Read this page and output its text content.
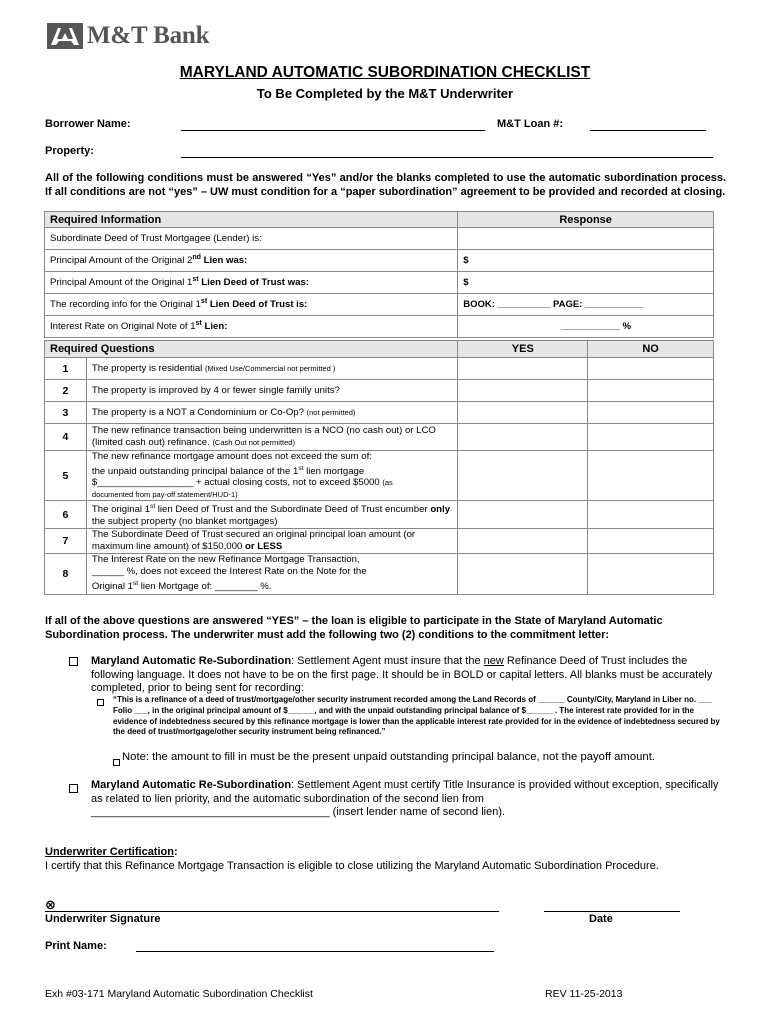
M&T Bank
MARYLAND AUTOMATIC SUBORDINATION CHECKLIST
To Be Completed by the M&T Underwriter
Borrower Name:	M&T Loan #:
Property:
All of the following conditions must be answered “Yes” and/or the blanks completed to use the automatic subordination process. If all conditions are not “yes” – UW must condition for a “paper subordination” agreement to be provided and recorded at closing.
Required Information	Response
Subordinate Deed of Trust Mortgagee (Lender) is:	
Principal Amount of the Original 2nd Lien was:	$
Principal Amount of the Original 1st Lien Deed of Trust was:	$
The recording info for the Original 1st Lien Deed of Trust is:	BOOK: __________ PAGE: ___________
Interest Rate on Original Note of 1st Lien:	___________ %
Required Questions		YES	NO
1	The property is residential (Mixed Use/Commercial not permitted )		
2	The property is improved by 4 or fewer single family units?		
3	The property is a NOT a Condominium or Co-Op? (not permitted)		
4	The new refinance transaction being underwritten is a NCO (no cash out) or LCO (limited cash out) refinance. (Cash Out not permitted)		
5	The new refinance mortgage amount does not exceed the sum of:
the unpaid outstanding principal balance of the 1st lien mortgage
$__________________ + actual closing costs, not to exceed $5000 (as
documented from pay-off statement/HUD-1)		

6	The original 1st lien Deed of Trust and the Subordinate Deed of Trust encumber only the subject property (no blanket mortgages)		
7	The Subordinate Deed of Trust secured an original principal loan amount (or maximum line amount) of $150,000 or LESS		
8	The Interest Rate on the new Refinance Mortgage Transaction,
______ %, does not exceed the Interest Rate on the Note for the
Original 1st lien Mortgage of: ________ %.		

If all of the above questions are answered “YES” – the loan is eligible to participate in the State of Maryland Automatic Subordination process. The underwriter must add the following two (2) conditions to the commitment letter:
Maryland Automatic Re-Subordination: Settlement Agent must insure that the new Refinance Deed of Trust includes the following language. It does not have to be on the first page. It should be in BOLD or capital letters. All blanks must be accurately completed, prior to being sent for recording:
“This is a refinance of a deed of trust/mortgage/other security instrument recorded among the Land Records of ______ County/City, Maryland in Liber no. ___ Folio ___, in the original principal amount of $______, and with the unpaid outstanding principal balance of $______ . The interest rate provided for in the evidence of indebtedness secured by this refinance mortgage is lower than the applicable interest rate provided for in the evidence of indebtedness secured by the deed of trust/mortgage/other security instrument being refinanced.”
Note: the amount to fill in must be the present unpaid outstanding principal balance, not the payoff amount.
Maryland Automatic Re-Subordination: Settlement Agent must certify Title Insurance is provided without exception, specifically as related to lien priority, and the automatic subordination of the second lien from
_______________________________________ (insert lender name of second lien).
Underwriter Certification:
I certify that this Refinance Mortgage Transaction is eligible to close utilizing the Maryland Automatic Subordination Procedure.
⊗
Underwriter Signature	Date
Print Name:
Exh #03-171 Maryland Automatic Subordination Checklist	REV 11-25-2013
